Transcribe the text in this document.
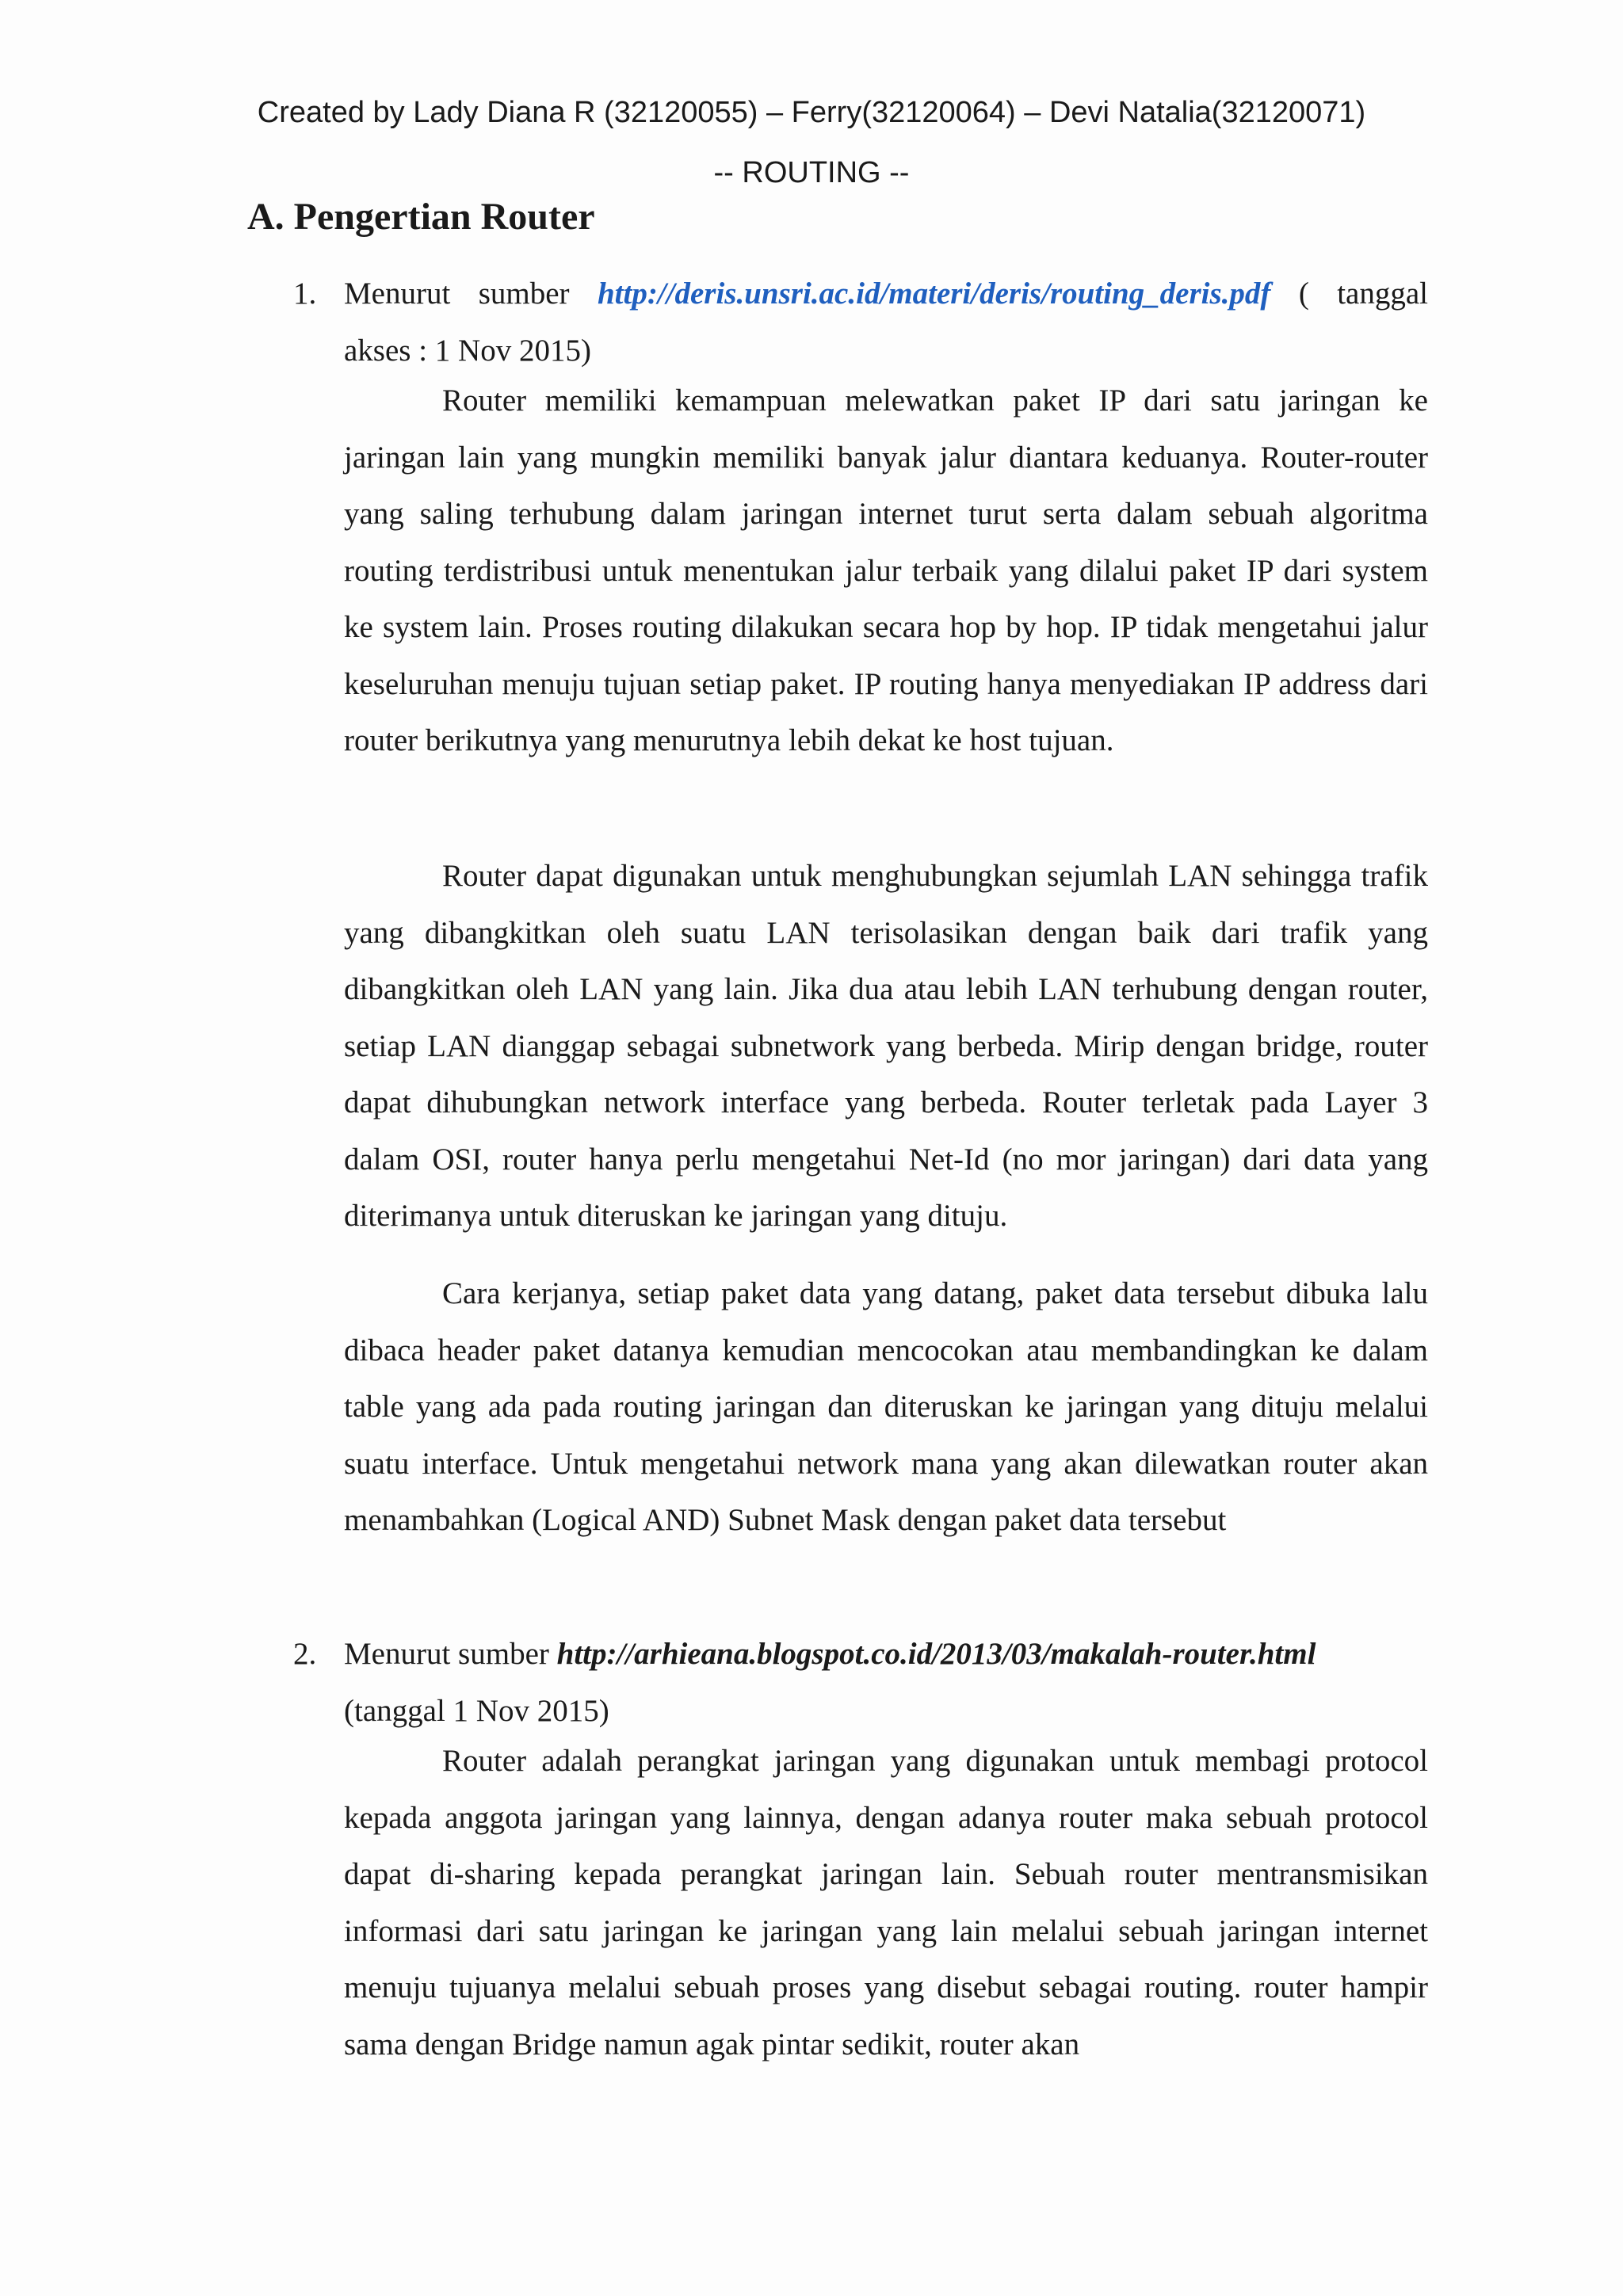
Created by Lady Diana R (32120055) – Ferry(32120064) – Devi Natalia(32120071)
-- ROUTING --
A. Pengertian Router
1. Menurut sumber http://deris.unsri.ac.id/materi/deris/routing_deris.pdf ( tanggal
akses : 1 Nov 2015)
Router memiliki kemampuan melewatkan paket IP dari satu jaringan ke jaringan lain yang mungkin memiliki banyak jalur diantara keduanya. Router-router yang saling terhubung dalam jaringan internet turut serta dalam sebuah algoritma routing terdistribusi untuk menentukan jalur terbaik yang dilalui paket IP dari system ke system lain. Proses routing dilakukan secara hop by hop. IP tidak mengetahui jalur keseluruhan menuju tujuan setiap paket. IP routing hanya menyediakan IP address dari router berikutnya yang menurutnya lebih dekat ke host tujuan.
Router dapat digunakan untuk menghubungkan sejumlah LAN sehingga trafik yang dibangkitkan oleh suatu LAN terisolasikan dengan baik dari trafik yang dibangkitkan oleh LAN yang lain. Jika dua atau lebih LAN terhubung dengan router, setiap LAN dianggap sebagai subnetwork yang berbeda. Mirip dengan bridge, router dapat dihubungkan network interface yang berbeda. Router terletak pada Layer 3 dalam OSI, router hanya perlu mengetahui Net-Id (no mor jaringan) dari data yang diterimanya untuk diteruskan ke jaringan yang dituju.
Cara kerjanya, setiap paket data yang datang, paket data tersebut dibuka lalu dibaca header paket datanya kemudian mencocokan atau membandingkan ke dalam table yang ada pada routing jaringan dan diteruskan ke jaringan yang dituju melalui suatu interface. Untuk mengetahui network mana yang akan dilewatkan router akan menambahkan (Logical AND) Subnet Mask dengan paket data tersebut
2. Menurut sumber http://arhieana.blogspot.co.id/2013/03/makalah-router.html
(tanggal 1 Nov 2015)
Router adalah perangkat jaringan yang digunakan untuk membagi protocol kepada anggota jaringan yang lainnya, dengan adanya router maka sebuah protocol dapat di-sharing kepada perangkat jaringan lain. Sebuah router mentransmisikan informasi dari satu jaringan ke jaringan yang lain melalui sebuah jaringan internet menuju tujuanya melalui sebuah proses yang disebut sebagai routing. router hampir sama dengan Bridge namun agak pintar sedikit, router akan
